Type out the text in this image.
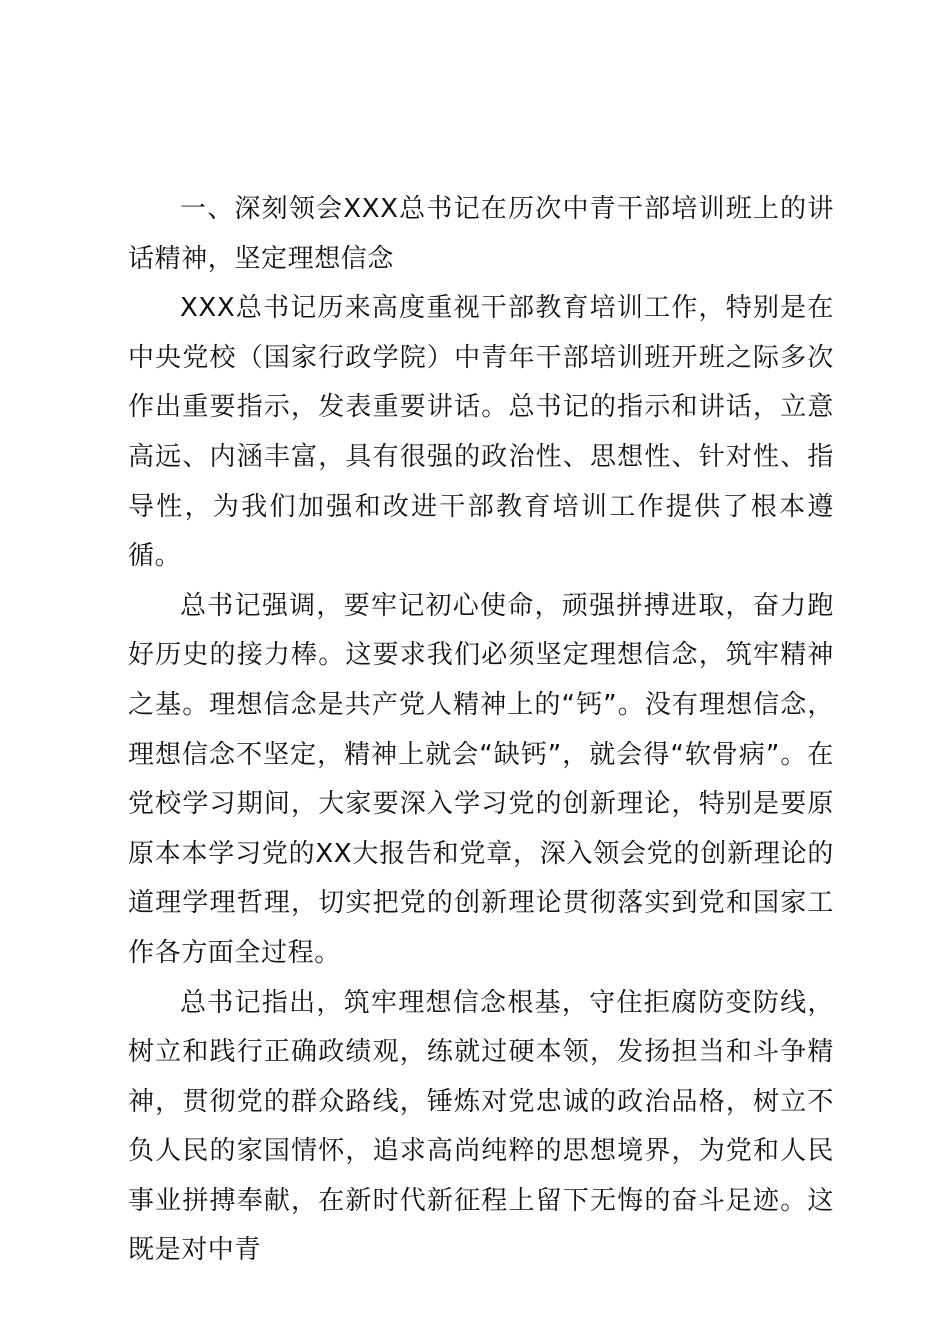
一、深刻领会XXX总书记在历次中青干部培训班上的讲话精神，坚定理想信念

XXX总书记历来高度重视干部教育培训工作，特别是在中央党校（国家行政学院）中青年干部培训班开班之际多次作出重要指示，发表重要讲话。总书记的指示和讲话，立意高远、内涵丰富，具有很强的政治性、思想性、针对性、指导性，为我们加强和改进干部教育培训工作提供了根本遵循。

总书记强调，要牢记初心使命，顽强拼搏进取，奋力跑好历史的接力棒。这要求我们必须坚定理想信念，筑牢精神之基。理想信念是共产党人精神上的“钙”。没有理想信念，理想信念不坚定，精神上就会“缺钙”，就会得“软骨病”。在党校学习期间，大家要深入学习党的创新理论，特别是要原原本本学习党的XX大报告和党章，深入领会党的创新理论的道理学理哲理，切实把党的创新理论贯彻落实到党和国家工作各方面全过程。

总书记指出，筑牢理想信念根基，守住拒腐防变防线，树立和践行正确政绩观，练就过硬本领，发扬担当和斗争精神，贯彻党的群众路线，锤炼对党忠诚的政治品格，树立不负人民的家国情怀，追求高尚纯粹的思想境界，为党和人民事业拼搏奉献，在新时代新征程上留下无悔的奋斗足迹。这既是对中青
